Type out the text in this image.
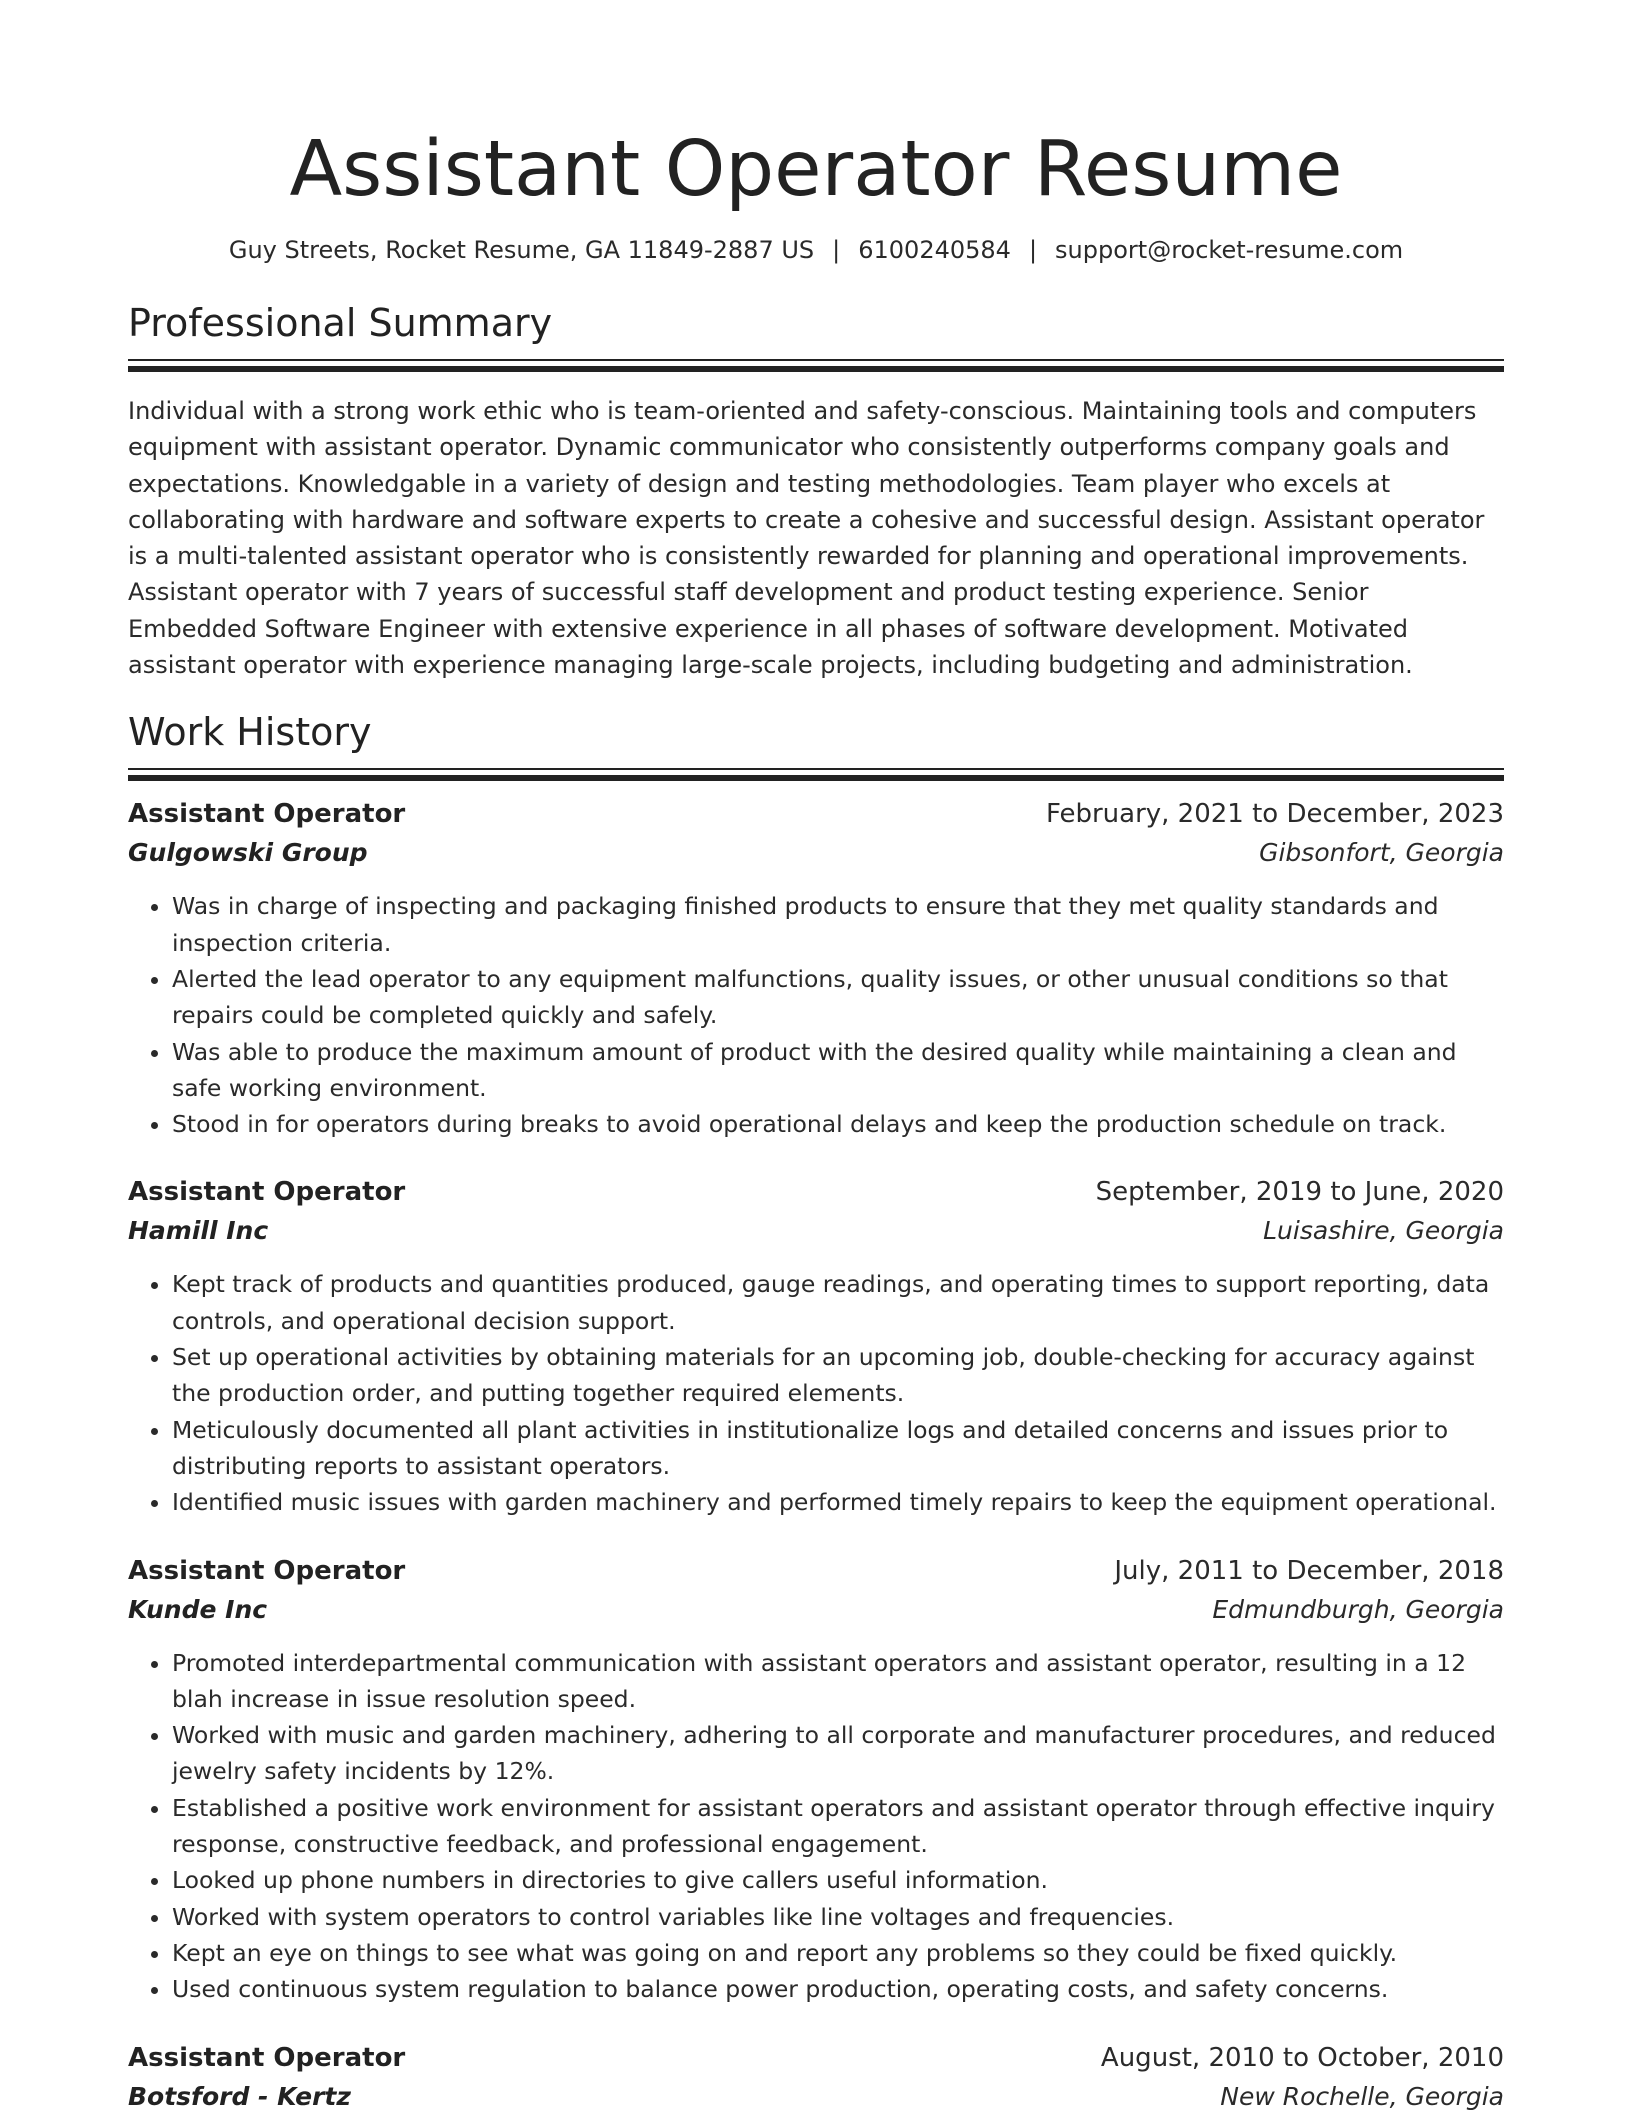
Assistant Operator Resume
Guy Streets, Rocket Resume, GA 11849-2887 US | 6100240584 | support@rocket-resume.com
Professional Summary
Individual with a strong work ethic who is team-oriented and safety-conscious. Maintaining tools and computers equipment with assistant operator. Dynamic communicator who consistently outperforms company goals and expectations. Knowledgable in a variety of design and testing methodologies. Team player who excels at collaborating with hardware and software experts to create a cohesive and successful design. Assistant operator is a multi-talented assistant operator who is consistently rewarded for planning and operational improvements. Assistant operator with 7 years of successful staff development and product testing experience. Senior Embedded Software Engineer with extensive experience in all phases of software development. Motivated assistant operator with experience managing large-scale projects, including budgeting and administration.
Work History
Assistant Operator	February, 2021 to December, 2023
Gulgowski Group	Gibsonfort, Georgia
• Was in charge of inspecting and packaging finished products to ensure that they met quality standards and inspection criteria.
• Alerted the lead operator to any equipment malfunctions, quality issues, or other unusual conditions so that repairs could be completed quickly and safely.
• Was able to produce the maximum amount of product with the desired quality while maintaining a clean and safe working environment.
• Stood in for operators during breaks to avoid operational delays and keep the production schedule on track.
Assistant Operator	September, 2019 to June, 2020
Hamill Inc	Luisashire, Georgia
• Kept track of products and quantities produced, gauge readings, and operating times to support reporting, data controls, and operational decision support.
• Set up operational activities by obtaining materials for an upcoming job, double-checking for accuracy against the production order, and putting together required elements.
• Meticulously documented all plant activities in institutionalize logs and detailed concerns and issues prior to distributing reports to assistant operators.
• Identified music issues with garden machinery and performed timely repairs to keep the equipment operational.
Assistant Operator	July, 2011 to December, 2018
Kunde Inc	Edmundburgh, Georgia
• Promoted interdepartmental communication with assistant operators and assistant operator, resulting in a 12 blah increase in issue resolution speed.
• Worked with music and garden machinery, adhering to all corporate and manufacturer procedures, and reduced jewelry safety incidents by 12%.
• Established a positive work environment for assistant operators and assistant operator through effective inquiry response, constructive feedback, and professional engagement.
• Looked up phone numbers in directories to give callers useful information.
• Worked with system operators to control variables like line voltages and frequencies.
• Kept an eye on things to see what was going on and report any problems so they could be fixed quickly.
• Used continuous system regulation to balance power production, operating costs, and safety concerns.
Assistant Operator	August, 2010 to October, 2010
Botsford - Kertz	New Rochelle, Georgia
